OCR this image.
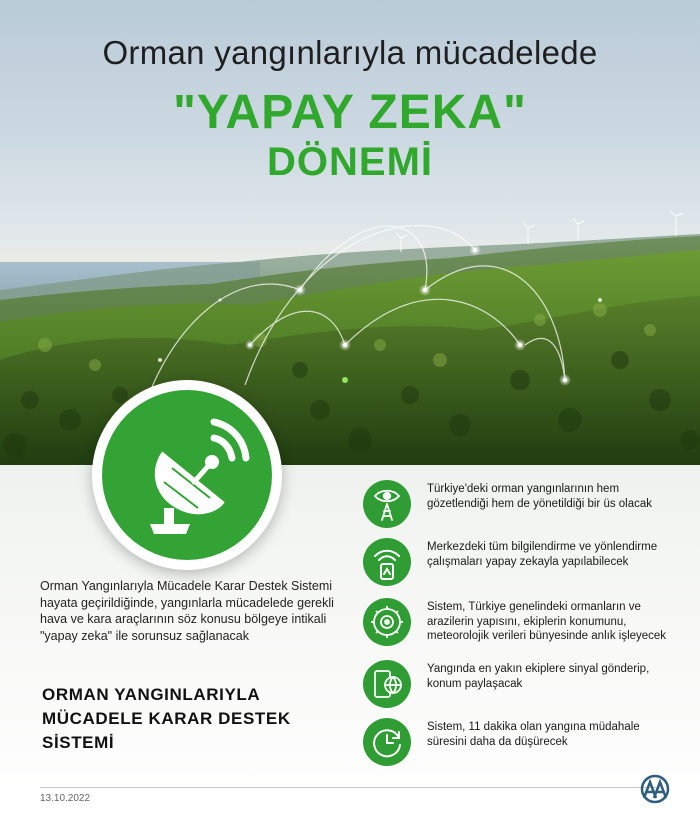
Orman yangınlarıyla mücadelede
"YAPAY ZEKA"
DÖNEMİ
Orman Yangınlarıyla Mücadele Karar Destek Sistemi hayata geçirildiğinde, yangınlarla mücadelede gerekli hava ve kara araçlarının söz konusu bölgeye intikali "yapay zeka" ile sorunsuz sağlanacak
ORMAN YANGINLARIYLA MÜCADELE KARAR DESTEK SİSTEMİ
Türkiye'deki orman yangınlarının hem gözetlendiği hem de yönetildiği bir üs olacak
Merkezdeki tüm bilgilendirme ve yönlendirme çalışmaları yapay zekayla yapılabilecek
Sistem, Türkiye genelindeki ormanların ve arazilerin yapısını, ekiplerin konumunu, meteorolojik verileri bünyesinde anlık işleyecek
Yangında en yakın ekiplere sinyal gönderip, konum paylaşacak
Sistem, 11 dakika olan yangına müdahale süresini daha da düşürecek
13.10.2022
